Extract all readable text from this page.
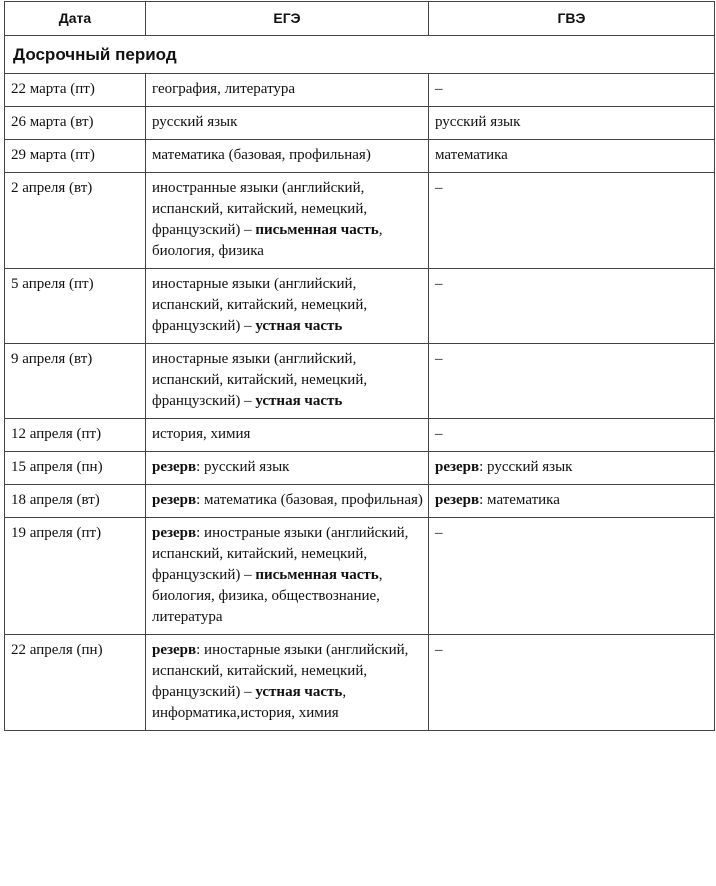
Дата	ЕГЭ	ГВЭ
Досрочный период		
22 марта (пт)	география, литература	–
26 марта (вт)	русский язык	русский язык
29 марта (пт)	математика (базовая, профильная)	математика
2 апреля (вт)	иностранные языки (английский, испанский, китайский, немецкий, французский) – письменная часть, биология, физика	–
5 апреля (пт)	иностарные языки (английский, испанский, китайский, немецкий, французский) – устная часть	–
9 апреля (вт)	иностарные языки (английский, испанский, китайский, немецкий, французский) – устная часть	–
12 апреля (пт)	история, химия	–
15 апреля (пн)	резерв: русский язык	резерв: русский язык
18 апреля (вт)	резерв: математика (базовая, профильная)	резерв: математика
19 апреля (пт)	резерв: иностраные языки (английский, испанский, китайский, немецкий, французский) – письменная часть, биология, физика, обществознание, литература	–
22 апреля (пн)	резерв: иностарные языки (английский, испанский, китайский, немецкий, французский) – устная часть, информатика,история, химия	–
